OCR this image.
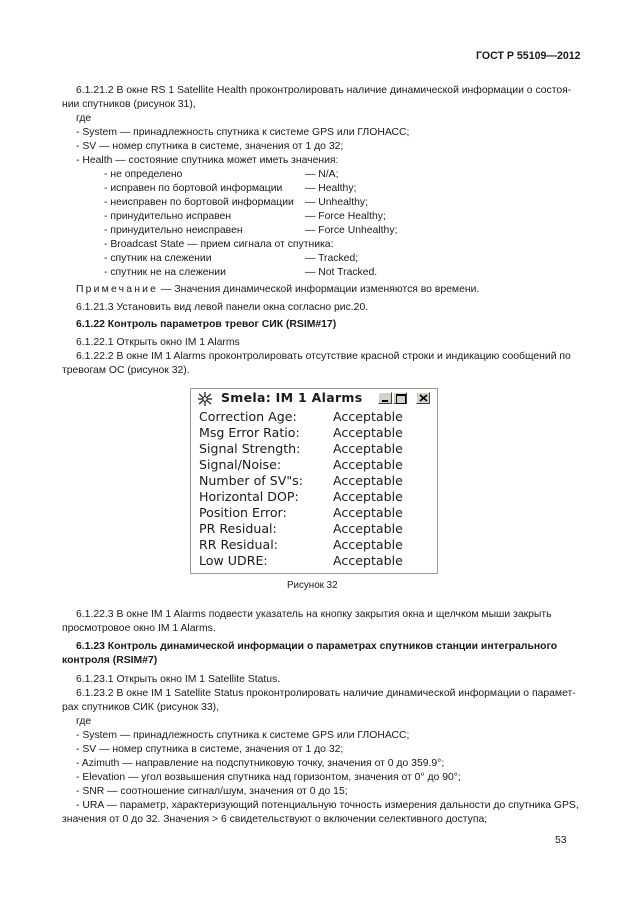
ГОСТ Р 55109—2012
6.1.21.2 В окне RS 1 Satellite Health проконтролировать наличие динамической информации о состоя-
нии спутников (рисунок 31),
где
- System — принадлежность спутника к системе GPS или ГЛОНАСС;
- SV — номер спутника в системе, значения от 1 до 32;
- Health — состояние спутника может иметь значения:
- не определено	— N/A;
- исправен по бортовой информации — Healthy;
- неисправен по бортовой информации — Unhealthy;
- принудительно исправен	— Force Healthy;
- принудительно неисправен	— Force Unhealthy;
- Broadcast State — прием сигнала от спутника:
- спутник на слежении	— Tracked;
- спутник не на слежении	— Not Tracked.
Примечание — Значения динамической информации изменяются во времени.
6.1.21.3 Установить вид левой панели окна согласно рис.20.
6.1.22 Контроль параметров тревог СИК (RSIM#17)
6.1.22.1 Открыть окно IM 1 Alarms
6.1.22.2 В окне IM 1 Alarms проконтролировать отсутствие красной строки и индикацию сообщений по
тревогам ОС (рисунок 32).
Smela: IM 1 Alarms
Correction Age:	Acceptable
Msg Error Ratio:	Acceptable
Signal Strength:	Acceptable
Signal/Noise:	Acceptable
Number of SV"s: Acceptable
Horizontal DOP:	Acceptable
Position Error:	Acceptable
PR Residual:	Acceptable
RR Residual:	Acceptable
Low UDRE:	Acceptable
Рисунок 32
6.1.22.3 В окне IM 1 Alarms подвести указатель на кнопку закрытия окна и щелчком мыши закрыть
просмотровое окно IM 1 Alarms.
6.1.23 Контроль динамической информации о параметрах спутников станции интегрального
контроля (RSIM#7)
6.1.23.1 Открыть окно IM 1 Satellite Status.
6.1.23.2 В окне IM 1 Satellite Status проконтролировать наличие динамической информации о парамет-
рах спутников СИК (рисунок 33),
где
- System — принадлежность спутника к системе GPS или ГЛОНАСС;
- SV — номер спутника в системе, значения от 1 до 32;
- Azimuth — направление на подспутниковую точку, значения от 0 до 359.9°;
- Elevation — угол возвышения спутника над горизонтом, значения от 0° до 90°;
- SNR — соотношение сигнал/шум, значения от 0 до 15;
- URA — параметр, характеризующий потенциальную точность измерения дальности до спутника GPS,
значения от 0 до 32. Значения > 6 свидетельствуют о включении селективного доступа;
53
